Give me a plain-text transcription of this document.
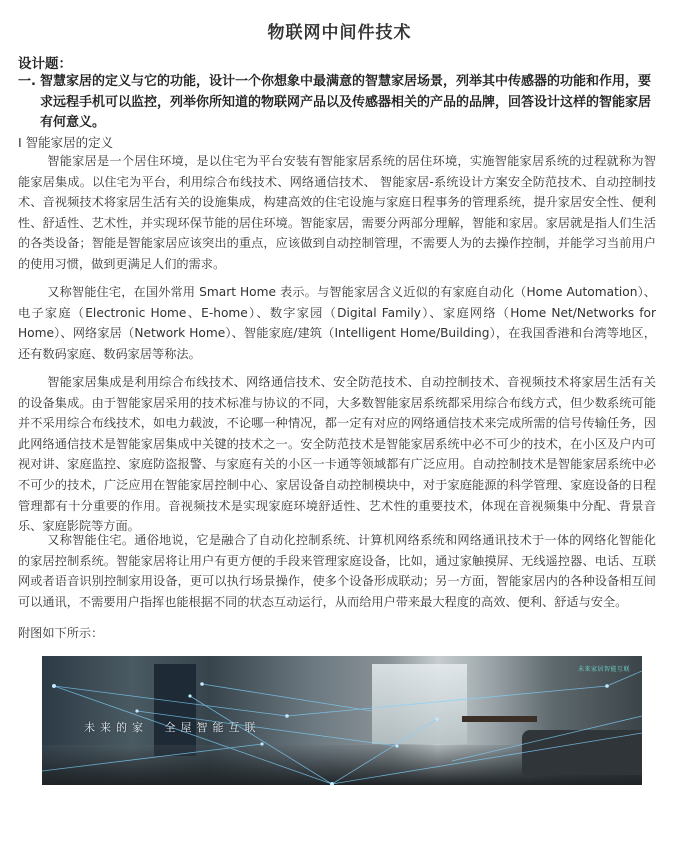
物联网中间件技术
设计题：
一. 智慧家居的定义与它的功能，设计一个你想象中最满意的智慧家居场景，列举其中传感器的功能和作用，要求远程手机可以监控，列举你所知道的物联网产品以及传感器相关的产品的品牌，回答设计这样的智能家居有何意义。
Ⅰ 智能家居的定义

智能家居是一个居住环境，是以住宅为平台安装有智能家居系统的居住环境，实施智能家居系统的过程就称为智能家居集成。以住宅为平台，利用综合布线技术、网络通信技术、 智能家居-系统设计方案安全防范技术、自动控制技术、音视频技术将家居生活有关的设施集成，构建高效的住宅设施与家庭日程事务的管理系统，提升家居安全性、便利性、舒适性、艺术性，并实现环保节能的居住环境。智能家居，需要分两部分理解，智能和家居。家居就是指人们生活的各类设备；智能是智能家居应该突出的重点，应该做到自动控制管理，不需要人为的去操作控制，并能学习当前用户的使用习惯，做到更满足人们的需求。

又称智能住宅，在国外常用 Smart Home 表示。与智能家居含义近似的有家庭自动化（Home Automation）、电子家庭（Electronic Home、E-home）、数字家园（Digital Family）、家庭网络（Home Net/Networks for Home）、网络家居（Network Home）、智能家庭/建筑（Intelligent Home/Building），在我国香港和台湾等地区，还有数码家庭、数码家居等称法。

智能家居集成是利用综合布线技术、网络通信技术、安全防范技术、自动控制技术、音视频技术将家居生活有关的设备集成。由于智能家居采用的技术标准与协议的不同，大多数智能家居系统都采用综合布线方式，但少数系统可能并不采用综合布线技术，如电力载波，不论哪一种情况，都一定有对应的网络通信技术来完成所需的信号传输任务，因此网络通信技术是智能家居集成中关键的技术之一。安全防范技术是智能家居系统中必不可少的技术，在小区及户内可视对讲、家庭监控、家庭防盗报警、与家庭有关的小区一卡通等领域都有广泛应用。自动控制技术是智能家居系统中必不可少的技术，广泛应用在智能家居控制中心、家居设备自动控制模块中，对于家庭能源的科学管理、家庭设备的日程管理都有十分重要的作用。音视频技术是实现家庭环境舒适性、艺术性的重要技术，体现在音视频集中分配、背景音乐、家庭影院等方面。

又称智能住宅。通俗地说，它是融合了自动化控制系统、计算机网络系统和网络通讯技术于一体的网络化智能化的家居控制系统。智能家居将让用户有更方便的手段来管理家庭设备，比如，通过家触摸屏、无线遥控器、电话、互联网或者语音识别控制家用设备，更可以执行场景操作，使多个设备形成联动；另一方面，智能家居内的各种设备相互间可以通讯，不需要用户指挥也能根据不同的状态互动运行，从而给用户带来最大程度的高效、便利、舒适与安全。

附图如下所示：
未来的家 全屋智能互联
未来家居智能互联
